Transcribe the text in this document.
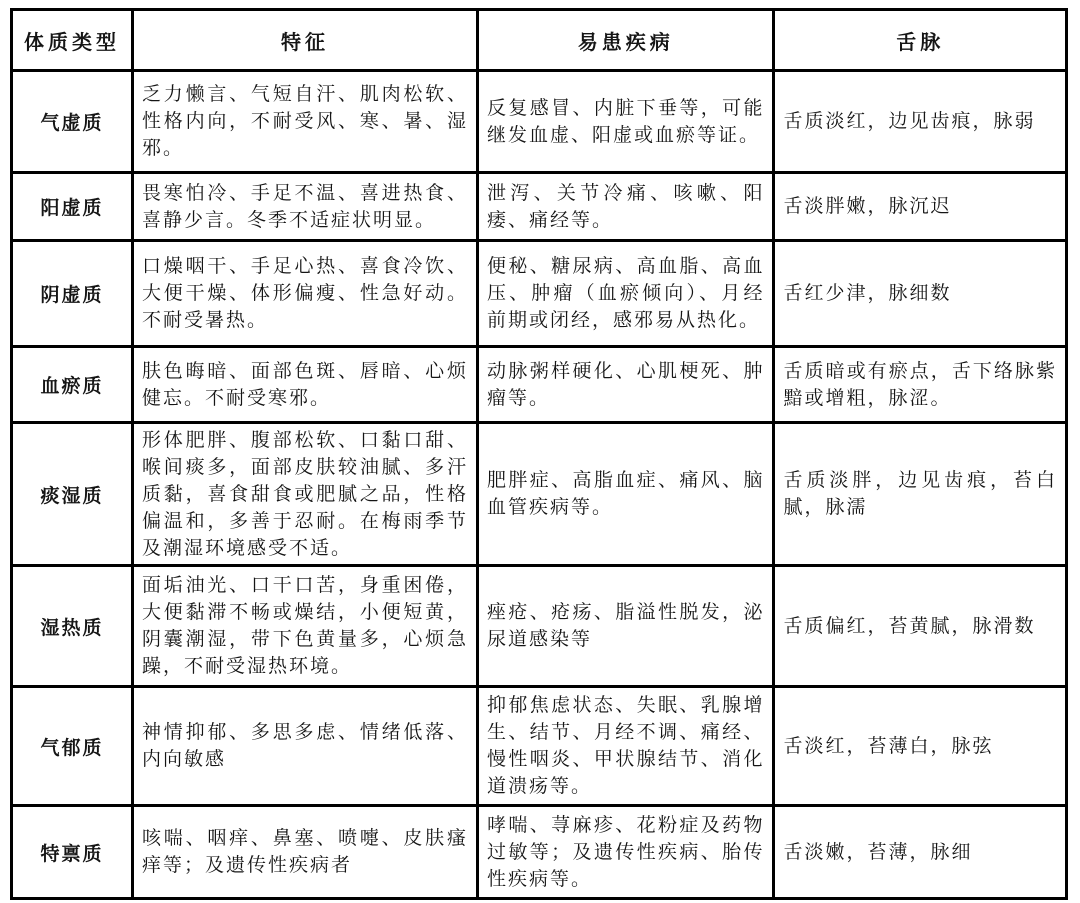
体质类型	特征	易患疾病	舌脉
气虚质	乏力懒言、气短自汗、肌肉松软、性格内向，不耐受风、寒、暑、湿邪。	反复感冒、内脏下垂等，可能继发血虚、阳虚或血瘀等证。	舌质淡红，边见齿痕，脉弱
阳虚质	畏寒怕冷、手足不温、喜进热食、喜静少言。冬季不适症状明显。	泄泻、关节冷痛、咳嗽、阳痿、痛经等。	舌淡胖嫩，脉沉迟
阴虚质	口燥咽干、手足心热、喜食冷饮、大便干燥、体形偏瘦、性急好动。不耐受暑热。	便秘、糖尿病、高血脂、高血压、肿瘤（血瘀倾向）、月经前期或闭经，感邪易从热化。	舌红少津，脉细数
血瘀质	肤色晦暗、面部色斑、唇暗、心烦健忘。不耐受寒邪。	动脉粥样硬化、心肌梗死、肿瘤等。	舌质暗或有瘀点，舌下络脉紫黯或增粗，脉涩。
痰湿质	形体肥胖、腹部松软、口黏口甜、喉间痰多，面部皮肤较油腻、多汗质黏，喜食甜食或肥腻之品，性格偏温和，多善于忍耐。在梅雨季节及潮湿环境感受不适。	肥胖症、高脂血症、痛风、脑血管疾病等。	舌质淡胖，边见齿痕，苔白腻，脉濡
湿热质	面垢油光、口干口苦，身重困倦，大便黏滞不畅或燥结，小便短黄，阴囊潮湿，带下色黄量多，心烦急躁，不耐受湿热环境。	痤疮、疮疡、脂溢性脱发，泌尿道感染等	舌质偏红，苔黄腻，脉滑数
气郁质	神情抑郁、多思多虑、情绪低落、内向敏感	抑郁焦虑状态、失眠、乳腺增生、结节、月经不调、痛经、慢性咽炎、甲状腺结节、消化道溃疡等。	舌淡红，苔薄白，脉弦
特禀质	咳喘、咽痒、鼻塞、喷嚏、皮肤瘙痒等；及遗传性疾病者	哮喘、荨麻疹、花粉症及药物过敏等；及遗传性疾病、胎传性疾病等。	舌淡嫩，苔薄，脉细
